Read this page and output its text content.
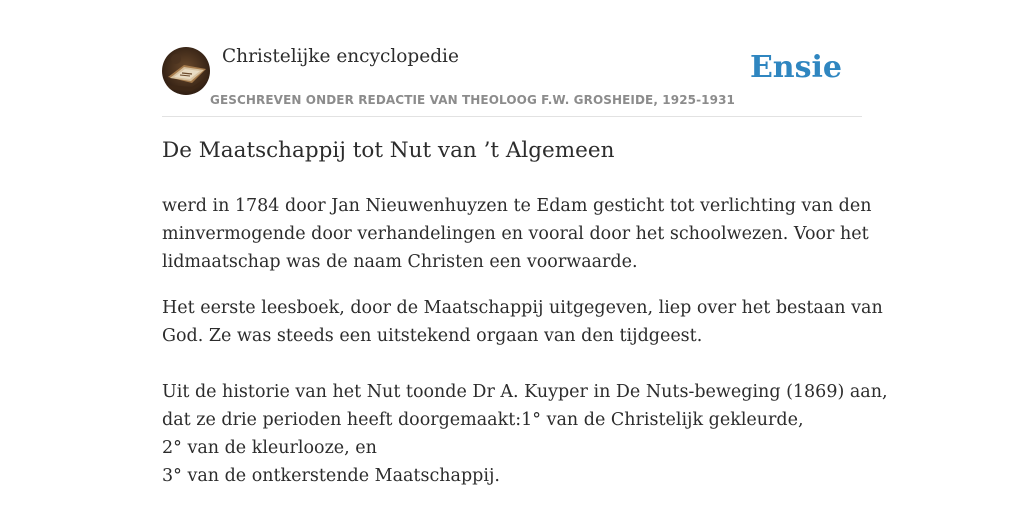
Christelijke encyclopedie
GESCHREVEN ONDER REDACTIE VAN THEOLOOG F.W. GROSHEIDE, 1925-1931
Ensie
De Maatschappij tot Nut van ’t Algemeen

werd in 1784 door Jan Nieuwenhuyzen te Edam gesticht tot verlichting van den
minvermogende door verhandelingen en vooral door het schoolwezen. Voor het
lidmaatschap was de naam Christen een voorwaarde.

Het eerste leesboek, door de Maatschappij uitgegeven, liep over het bestaan van
God. Ze was steeds een uitstekend orgaan van den tijdgeest.
Uit de historie van het Nut toonde Dr A. Kuyper in De Nuts-beweging (1869) aan,
dat ze drie perioden heeft doorgemaakt:1° van de Christelijk gekleurde,
2° van de kleurlooze, en
3° van de ontkerstende Maatschappij.
